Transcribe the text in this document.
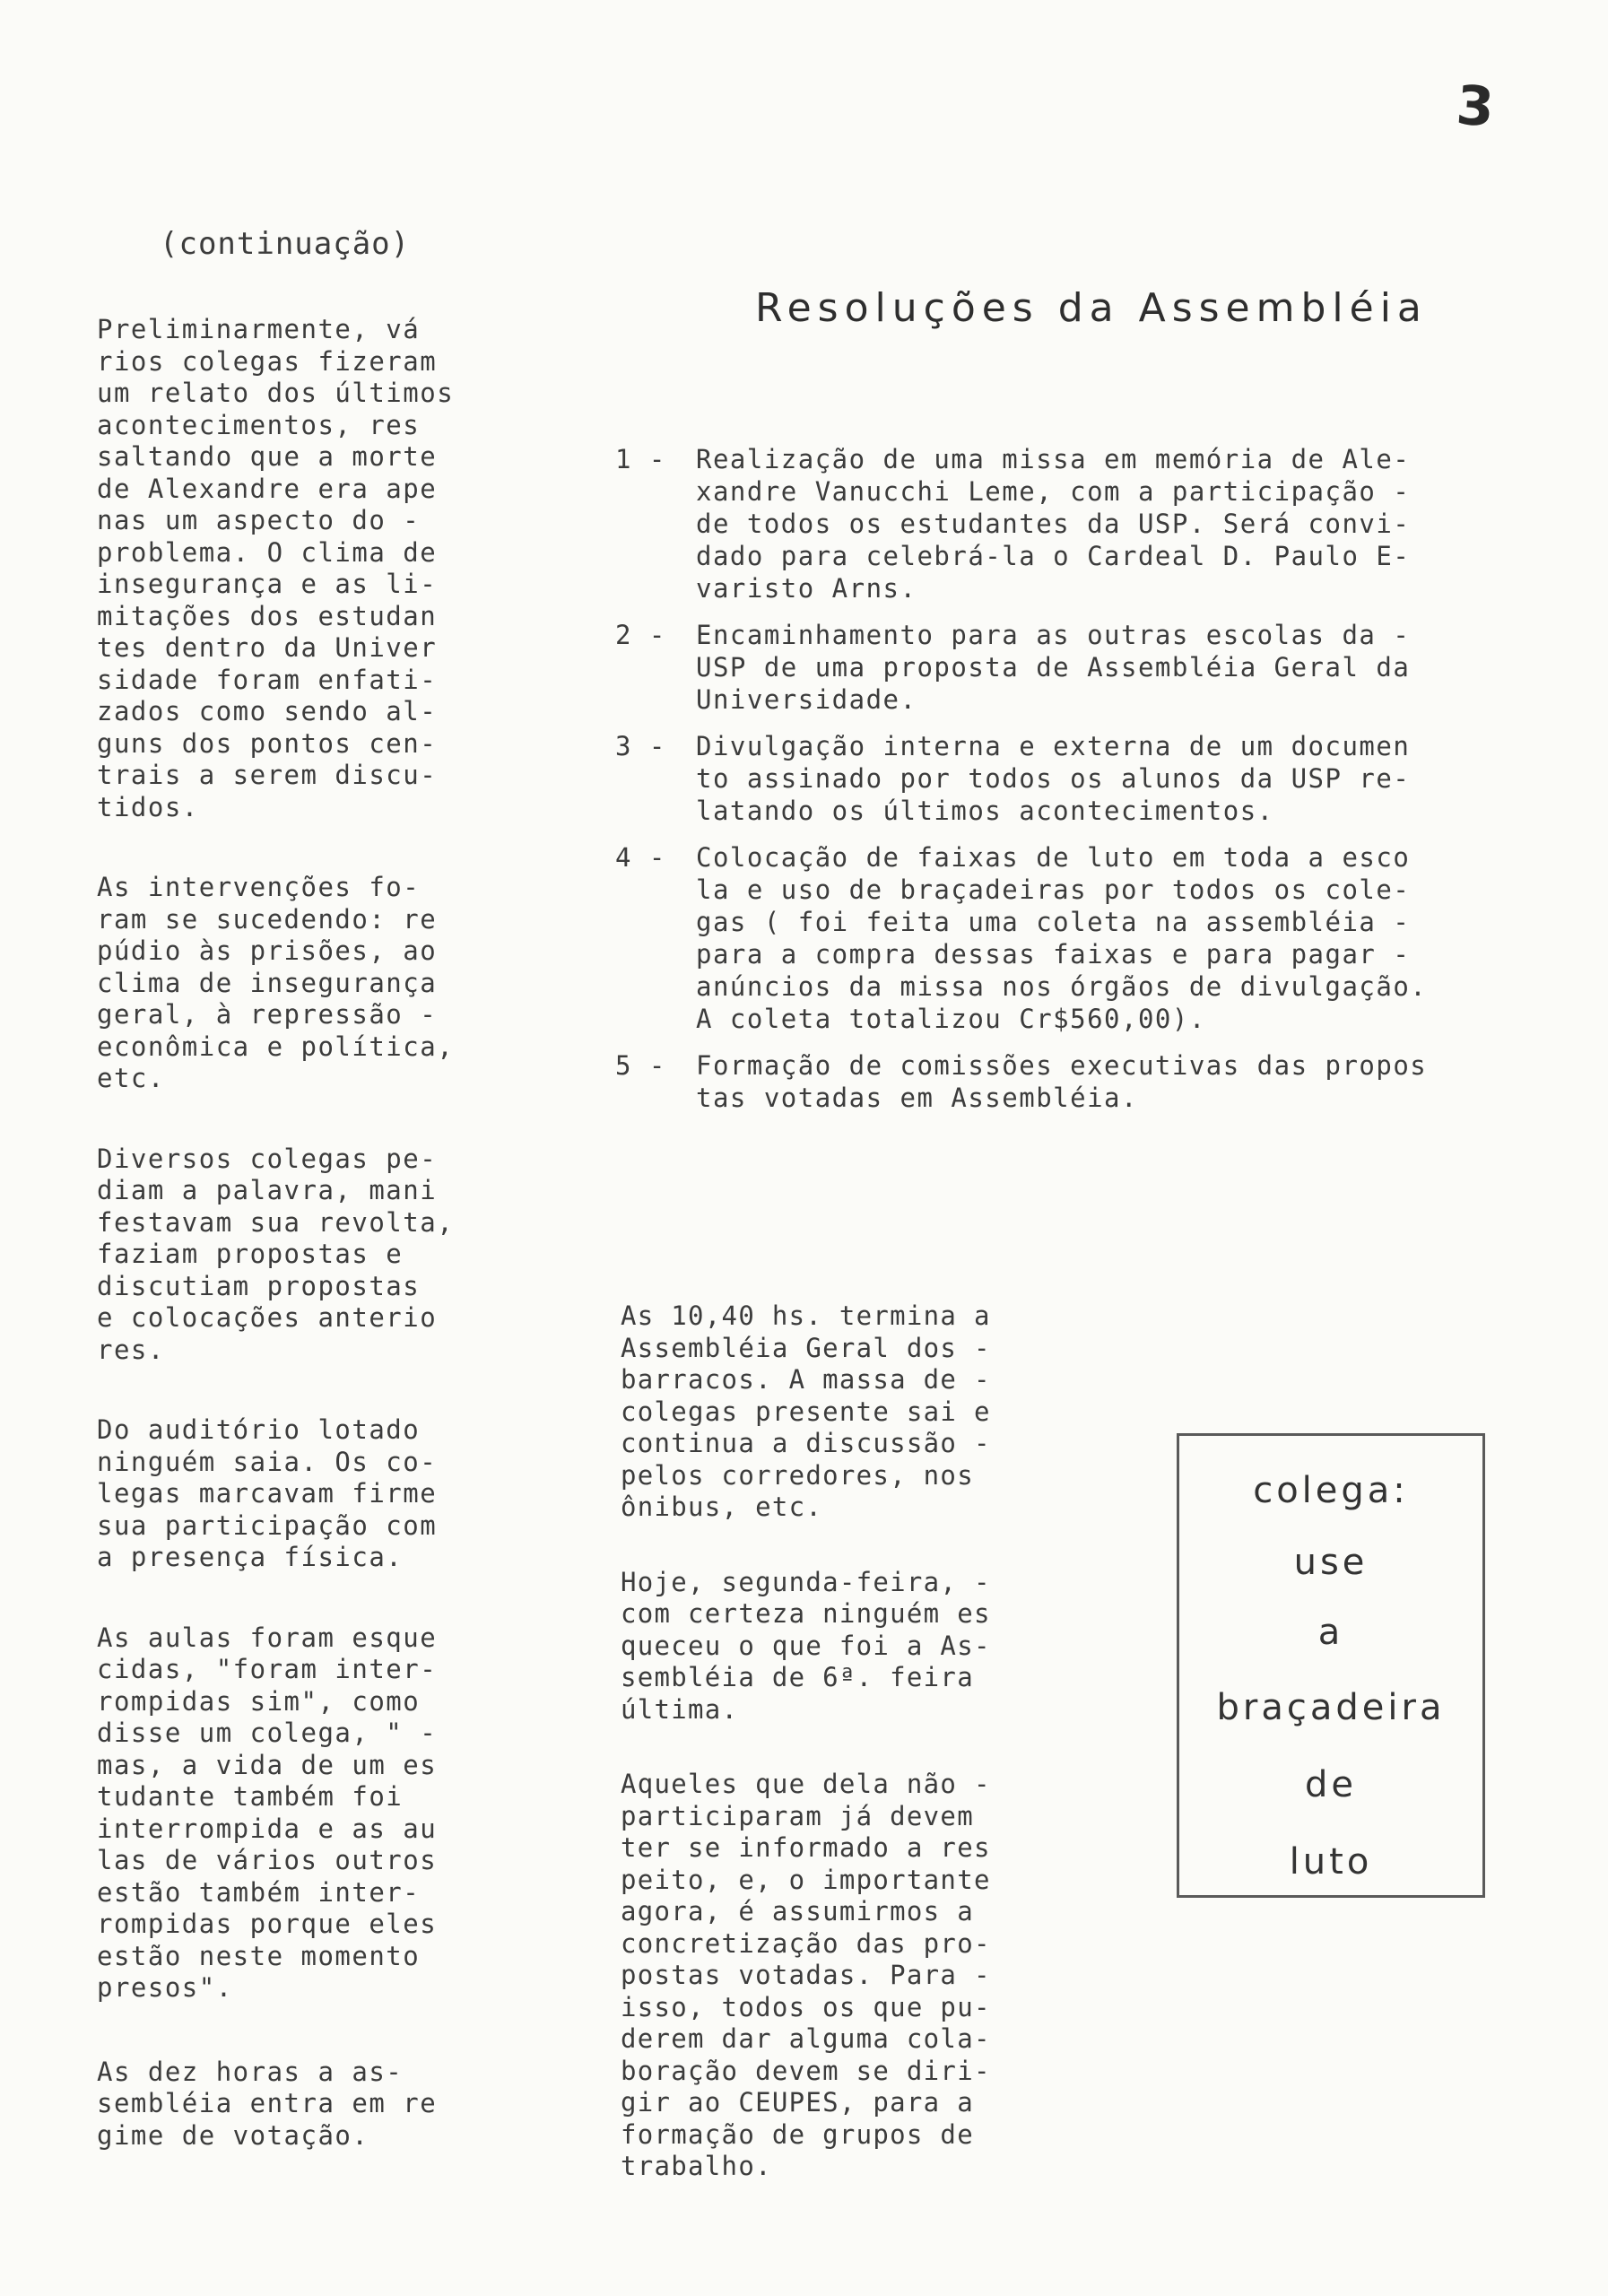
3
(continuação)

Preliminarmente, vá
rios colegas fizeram
um relato dos últimos
acontecimentos, res
saltando que a morte
de Alexandre era ape
nas um aspecto do -
problema. O clima de
insegurança e as li-
mitações dos estudan
tes dentro da Univer
sidade foram enfati-
zados como sendo al-
guns dos pontos cen-
trais a serem discu-
tidos.

As intervenções fo-
ram se sucedendo: re
púdio às prisões, ao
clima de insegurança
geral, à repressão -
econômica e política,
etc.

Diversos colegas pe-
diam a palavra, mani
festavam sua revolta,
faziam propostas e
discutiam propostas
e colocações anterio
res.

Do auditório lotado
ninguém saia. Os co-
legas marcavam firme
sua participação com
a presença física.

As aulas foram esque
cidas, "foram inter-
rompidas sim", como
disse um colega, " -
mas, a vida de um es
tudante também foi
interrompida e as au
las de vários outros
estão também inter-
rompidas porque eles
estão neste momento
presos".

As dez horas a as-
sembléia entra em re
gime de votação.

Resoluções da Assembléia
1 -	Realização de uma missa em memória de Ale-
xandre Vanucchi Leme, com a participação -
de todos os estudantes da USP. Será convi-
dado para celebrá-la o Cardeal D. Paulo E-
varisto Arns.
2 -	Encaminhamento para as outras escolas da -
USP de uma proposta de Assembléia Geral da
Universidade.
3 -	Divulgação interna e externa de um documen
to assinado por todos os alunos da USP re-
latando os últimos acontecimentos.
4 -	Colocação de faixas de luto em toda a esco
la e uso de braçadeiras por todos os cole-
gas ( foi feita uma coleta na assembléia -
para a compra dessas faixas e para pagar -
anúncios da missa nos órgãos de divulgação.
A coleta totalizou Cr$560,00).
5 -	Formação de comissões executivas das propos
tas votadas em Assembléia.

As 10,40 hs. termina a
Assembléia Geral dos -
barracos. A massa de -
colegas presente sai e
continua a discussão -
pelos corredores, nos
ônibus, etc.

Hoje, segunda-feira, -
com certeza ninguém es
queceu o que foi a As-
sembléia de 6ª. feira
última.

Aqueles que dela não -
participaram já devem
ter se informado a res
peito, e, o importante
agora, é assumirmos a
concretização das pro-
postas votadas. Para -
isso, todos os que pu-
derem dar alguma cola-
boração devem se diri-
gir ao CEUPES, para a
formação de grupos de
trabalho.

colega:
use
a
braçadeira
de
luto
